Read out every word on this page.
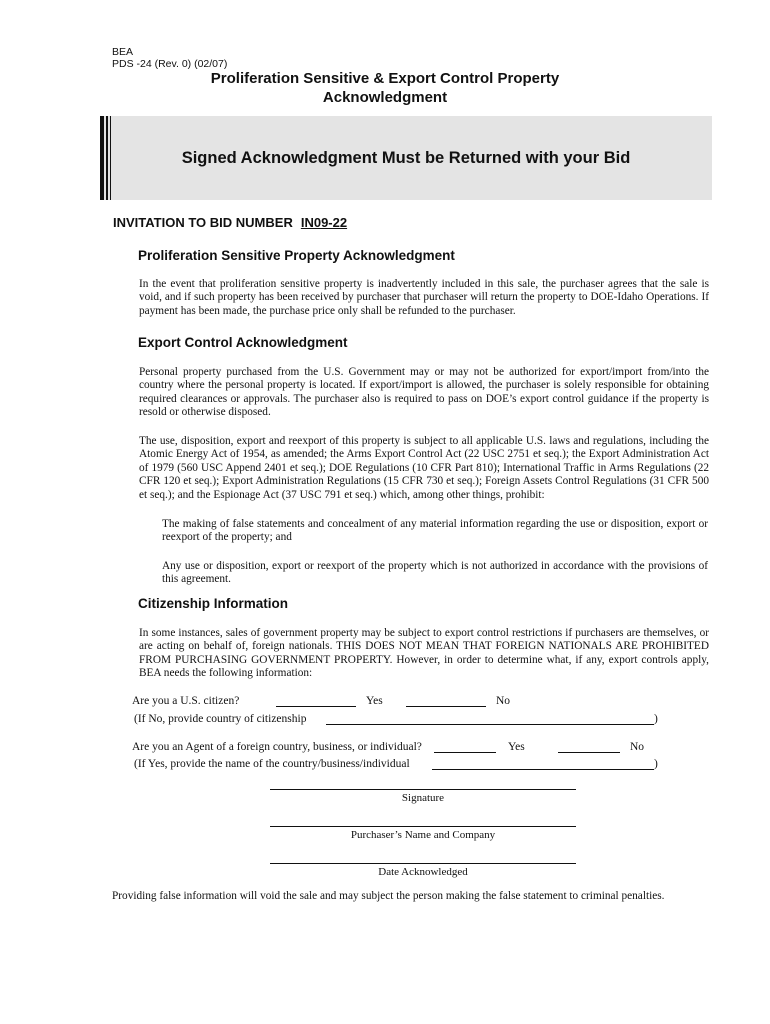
BEA
PDS -24 (Rev. 0) (02/07)
Proliferation Sensitive & Export Control Property
Acknowledgment
Signed Acknowledgment Must be Returned with your Bid
INVITATION TO BID NUMBER IN09-22
Proliferation Sensitive Property Acknowledgment
In the event that proliferation sensitive property is inadvertently included in this sale, the purchaser agrees that the sale is void, and if such property has been received by purchaser that purchaser will return the property to DOE-Idaho Operations. If payment has been made, the purchase price only shall be refunded to the purchaser.
Export Control Acknowledgment
Personal property purchased from the U.S. Government may or may not be authorized for export/import from/into the country where the personal property is located. If export/import is allowed, the purchaser is solely responsible for obtaining required clearances or approvals. The purchaser also is required to pass on DOE’s export control guidance if the property is resold or otherwise disposed.
The use, disposition, export and reexport of this property is subject to all applicable U.S. laws and regulations, including the Atomic Energy Act of 1954, as amended; the Arms Export Control Act (22 USC 2751 et seq.); the Export Administration Act of 1979 (560 USC Append 2401 et seq.); DOE Regulations (10 CFR Part 810); International Traffic in Arms Regulations (22 CFR 120 et seq.); Export Administration Regulations (15 CFR 730 et seq.); Foreign Assets Control Regulations (31 CFR 500 et seq.); and the Espionage Act (37 USC 791 et seq.) which, among other things, prohibit:
The making of false statements and concealment of any material information regarding the use or disposition, export or reexport of the property; and
Any use or disposition, export or reexport of the property which is not authorized in accordance with the provisions of this agreement.
Citizenship Information
In some instances, sales of government property may be subject to export control restrictions if purchasers are themselves, or are acting on behalf of, foreign nationals. THIS DOES NOT MEAN THAT FOREIGN NATIONALS ARE PROHIBITED FROM PURCHASING GOVERNMENT PROPERTY. However, in order to determine what, if any, export controls apply, BEA needs the following information:
Are you a U.S. citizen?	Yes	No
(If No, provide country of citizenship	)
Are you an Agent of a foreign country, business, or individual?	Yes	No
(If Yes, provide the name of the country/business/individual	)
Signature
Purchaser’s Name and Company
Date Acknowledged
Providing false information will void the sale and may subject the person making the false statement to criminal penalties.
